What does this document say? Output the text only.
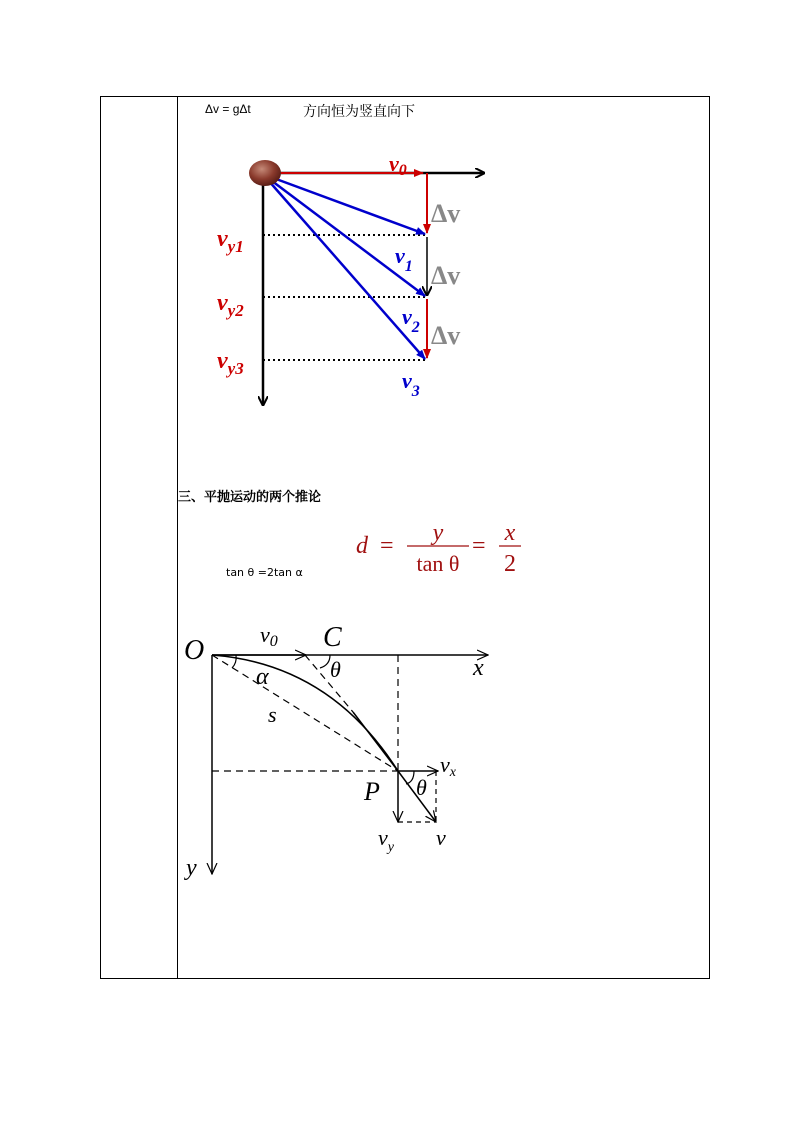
Δv = gΔt	方向恒为竖直向下
三、平抛运动的两个推论
tan θ =2tan α
v0
Δv
Δv
Δv
$v_{y1}$
$v_{y2}$
$v_{y3}$
$v_1$
$v_2$
$v_3$
d = y
tan θ
= x
2
O
v0 C
θ
α	x
s
P θ
vx
$v_y$ v
y
